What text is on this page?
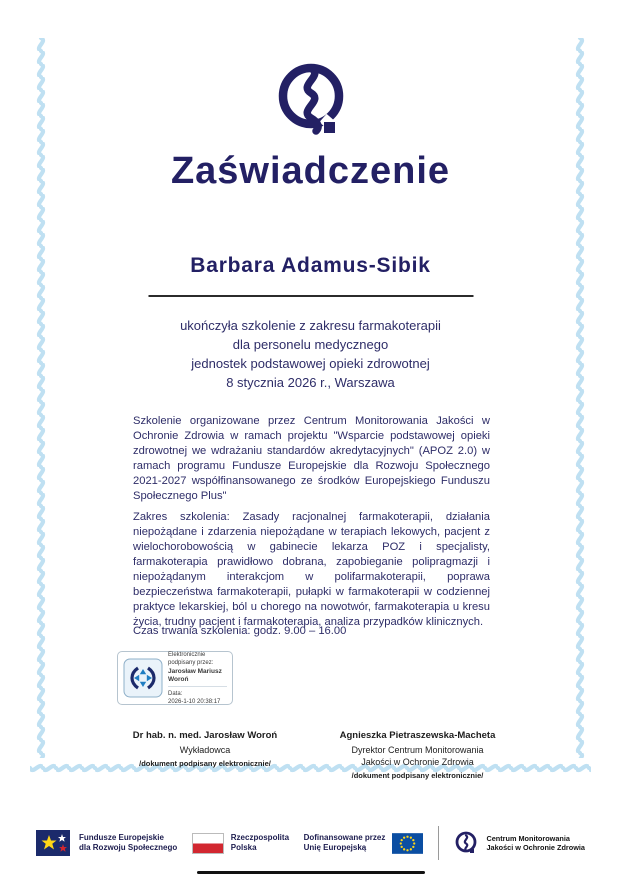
Zaświadczenie
Barbara Adamus-Sibik
ukończyła szkolenie z zakresu farmakoterapii
dla personelu medycznego
jednostek podstawowej opieki zdrowotnej
8 stycznia 2026 r., Warszawa

Szkolenie organizowane przez Centrum Monitorowania Jakości w Ochronie Zdrowia w ramach projektu "Wsparcie podstawowej opieki zdrowotnej we wdrażaniu standardów akredytacyjnych" (APOZ 2.0) w ramach programu Fundusze Europejskie dla Rozwoju Społecznego 2021-2027 współfinansowanego ze środków Europejskiego Funduszu Społecznego Plus"

Zakres szkolenia: Zasady racjonalnej farmakoterapii, działania niepożądane i zdarzenia niepożądane w terapiach lekowych, pacjent z wielochorobowością w gabinecie lekarza POZ i specjalisty, farmakoterapia prawidłowo dobrana, zapobieganie polipragmazji i niepożądanym interakcjom w polifarmakoterapii, poprawa bezpieczeństwa farmakoterapii, pułapki w farmakoterapii w codziennej praktyce lekarskiej, ból u chorego na nowotwór, farmakoterapia u kresu życia, trudny pacjent i farmakoterapia, analiza przypadków klinicznych.

Czas trwania szkolenia: godz. 9.00 – 16.00
Elektronicznie podpisany przez:
Jarosław Mariusz Woroń
Data:
2026-1-10 20:38:17
Dr hab. n. med. Jarosław Woroń
Wykładowca
/dokument podpisany elektronicznie/
Agnieszka Pietraszewska-Macheta
Dyrektor Centrum Monitorowania
Jakości w Ochronie Zdrowia
/dokument podpisany elektronicznie/
Fundusze Europejskie
dla Rozwoju Społecznego
Rzeczpospolita
Polska
Dofinansowane przez
Unię Europejską
Centrum Monitorowania
Jakości w Ochronie Zdrowia
